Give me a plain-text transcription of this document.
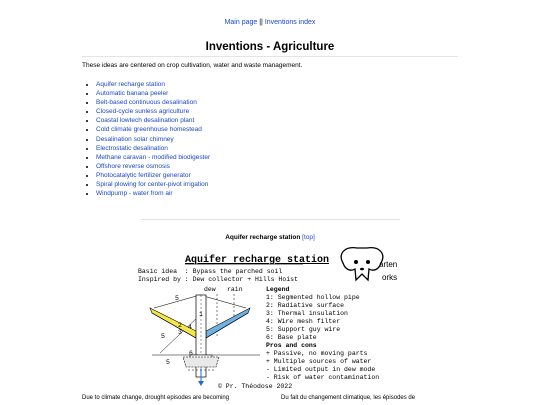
Main page || Inventions index
Inventions - Agriculture
These ideas are centered on crop cultivation, water and waste management.
• Aquifer recharge station
• Automatic banana peeler
• Belt-based continuous desalination
• Closed-cycle sunless agriculture
• Coastal lowtech desalination plant
• Cold climate greenhouse homestead
• Desalination solar chimney
• Electrostatic desalination
• Methane caravan - modified biodigester
• Offshore reverse osmosis
• Photocatalytic fertilizer generator
• Spiral plowing for center-pivot irrigation
• Windpump - water from air
Aquifer recharge station [top]
Aquifer recharge station
Basic idea  : Bypass the parched soil
Inspired by : Dew collector + Hills Hoist
arten
orks
dew rain
5
2 4
3
5
1
6
5
Legend
1: Segmented hollow pipe
2: Radiative surface
3: Thermal insulation
4: Wire mesh filter
5: Support guy wire
6: Base plate
Pros and cons
+ Passive, no moving parts
+ Multiple sources of water
- Limited output in dew mode
- Risk of water contamination
© Pr. Théodose 2022
Due to climate change, drought episodes are becoming	Du fait du changement climatique, les épisodes de
